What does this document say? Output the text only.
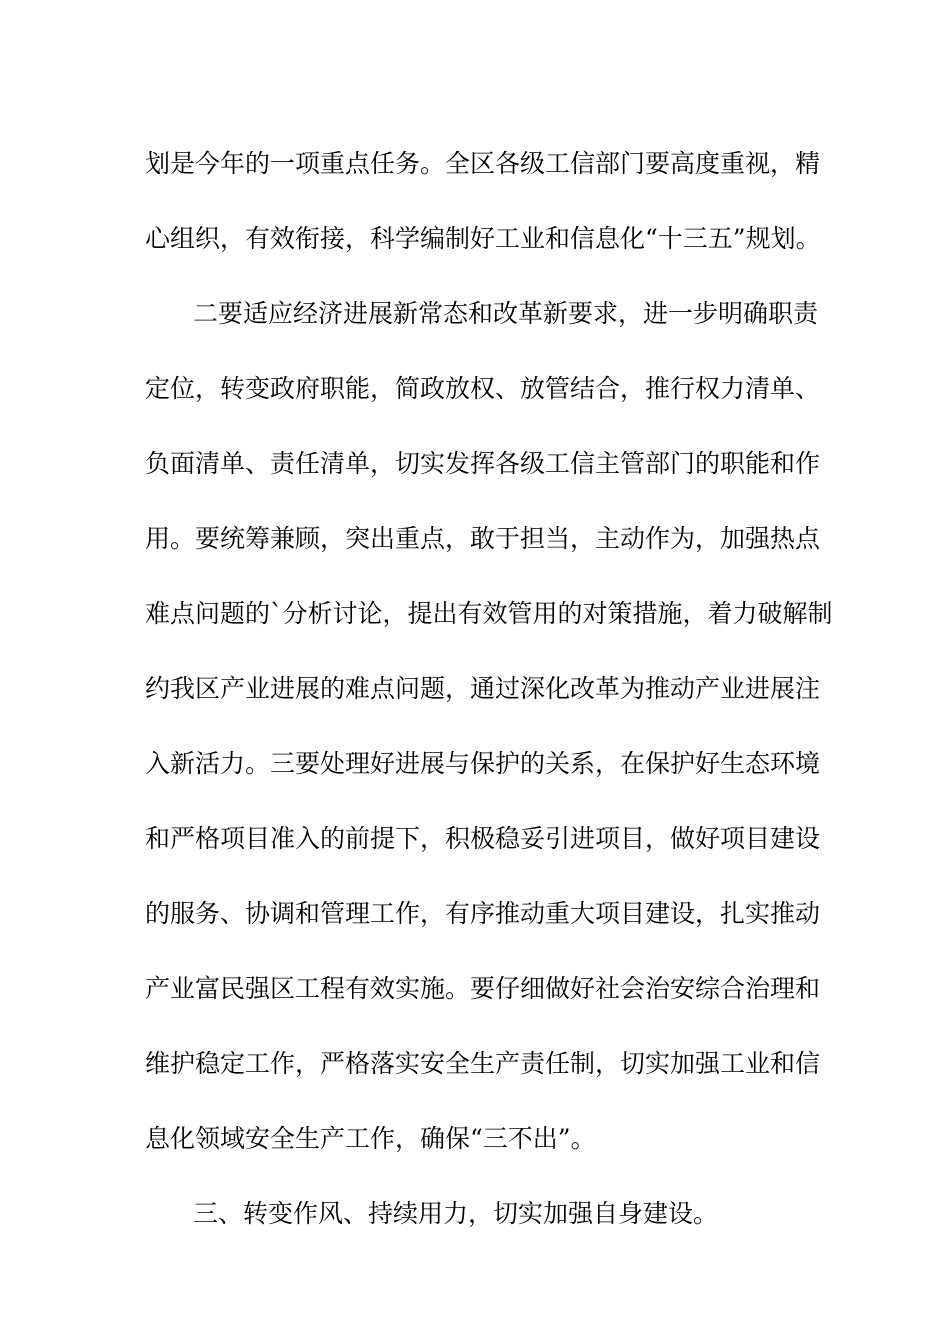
划是今年的一项重点任务。全区各级工信部门要高度重视，精
心组织，有效衔接，科学编制好工业和信息化“十三五”规划。
二要适应经济进展新常态和改革新要求，进一步明确职责
定位，转变政府职能，简政放权、放管结合，推行权力清单、
负面清单、责任清单，切实发挥各级工信主管部门的职能和作
用。要统筹兼顾，突出重点，敢于担当，主动作为，加强热点
难点问题的`分析讨论，提出有效管用的对策措施，着力破解制
约我区产业进展的难点问题，通过深化改革为推动产业进展注
入新活力。三要处理好进展与保护的关系，在保护好生态环境
和严格项目准入的前提下，积极稳妥引进项目，做好项目建设
的服务、协调和管理工作，有序推动重大项目建设，扎实推动
产业富民强区工程有效实施。要仔细做好社会治安综合治理和
维护稳定工作，严格落实安全生产责任制，切实加强工业和信
息化领域安全生产工作，确保“三不出”。
三、转变作风、持续用力，切实加强自身建设。
